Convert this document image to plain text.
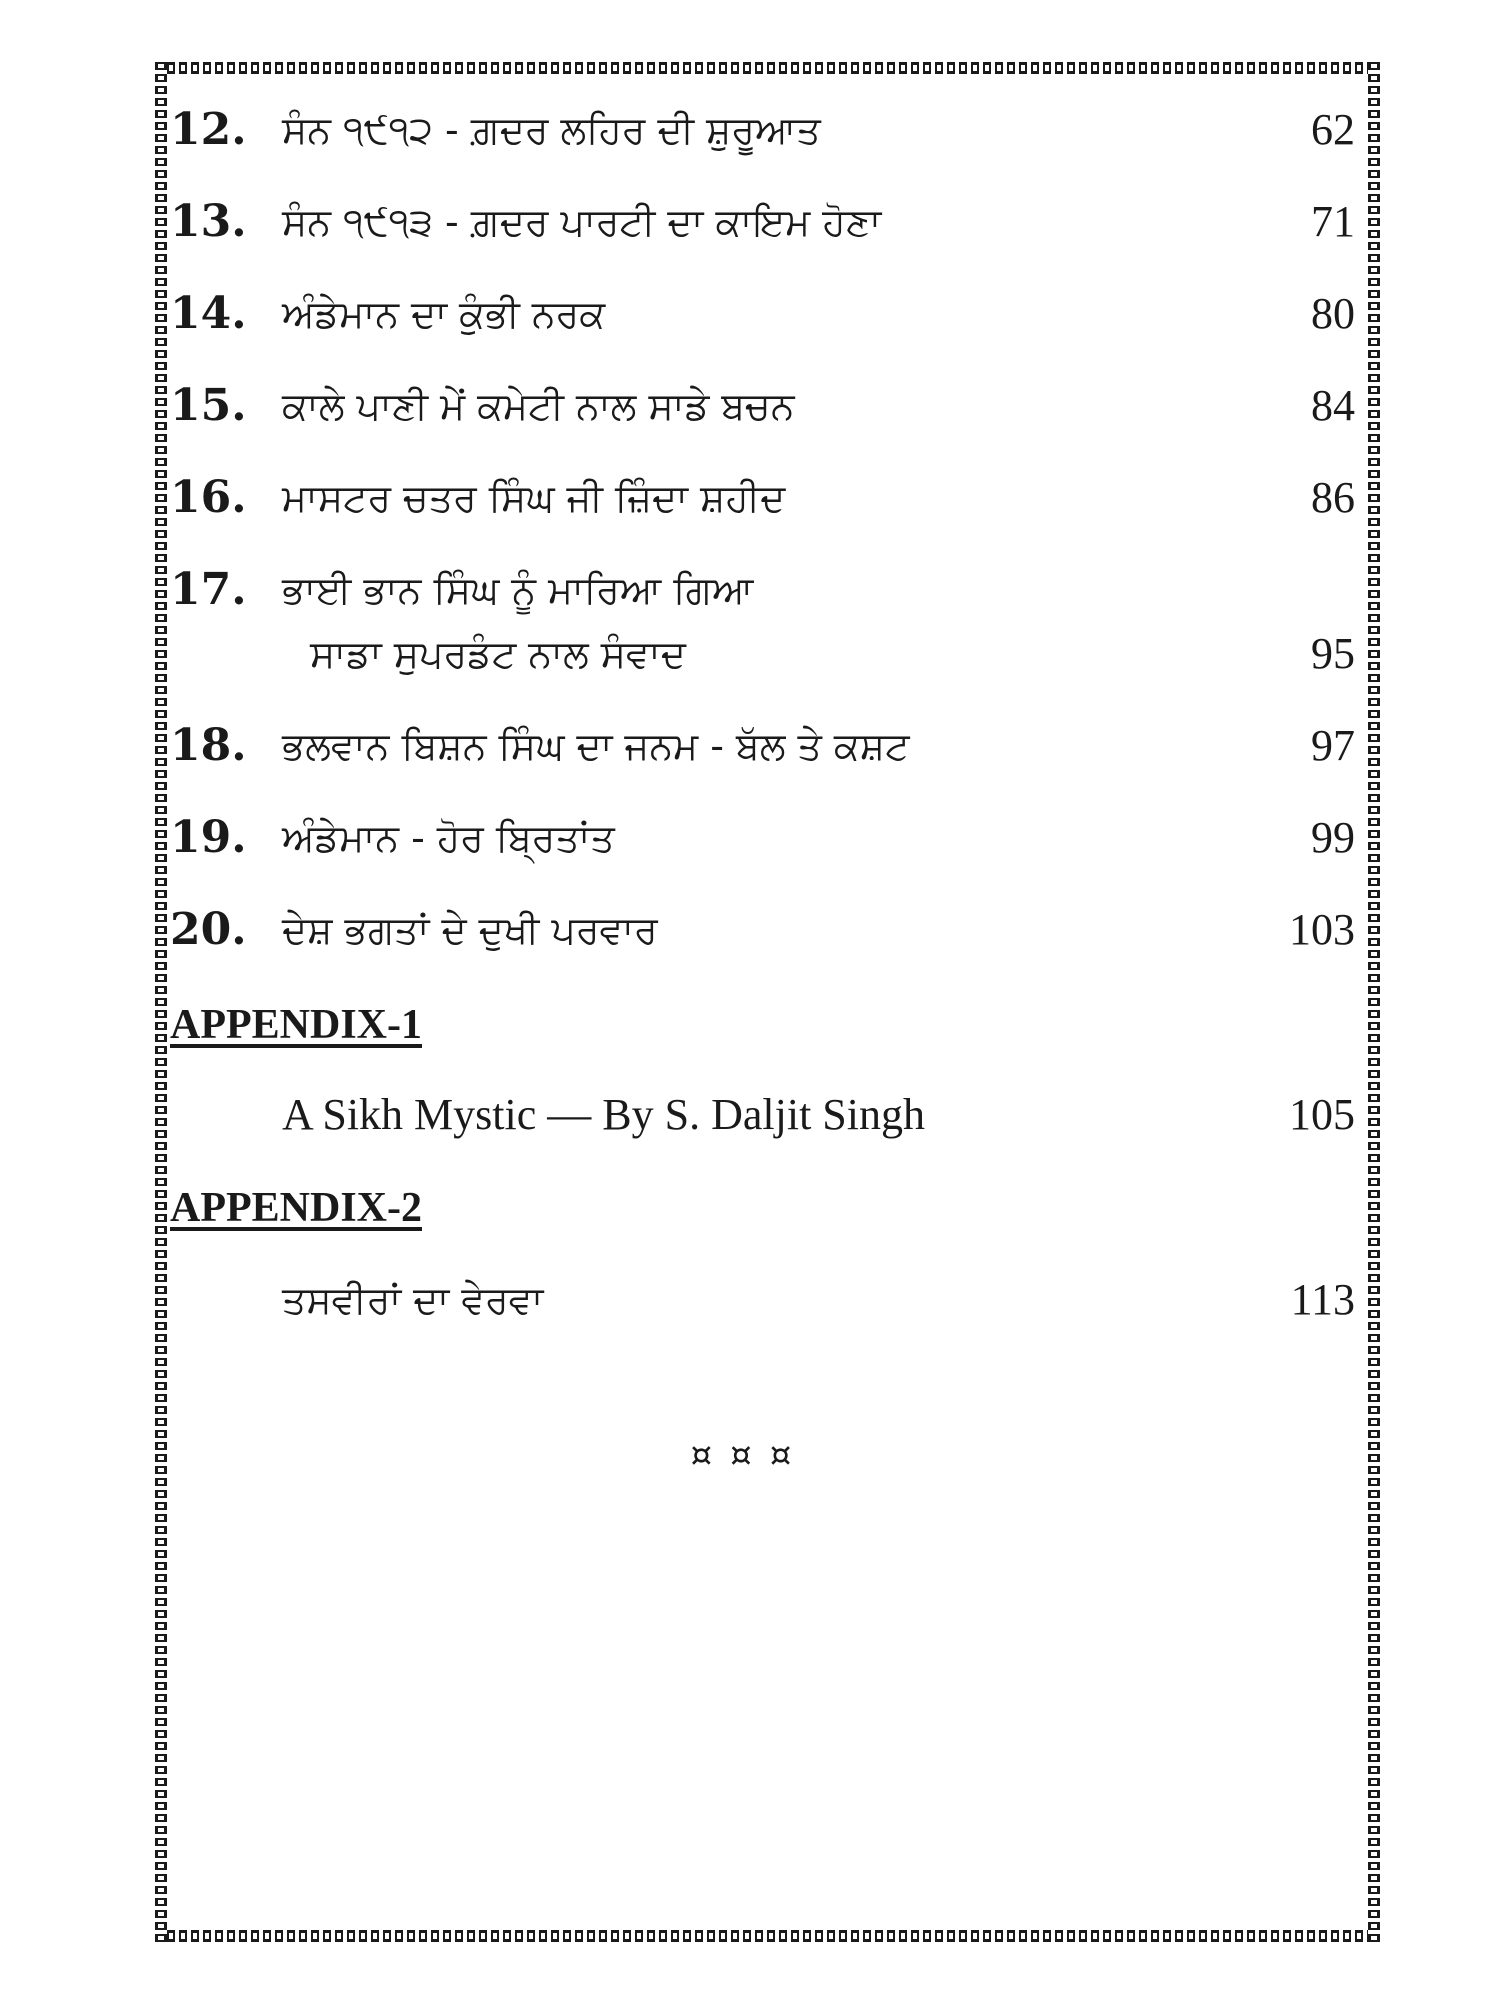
12. ਸੰਨ ੧੯੧੨ - ਗ਼ਦਰ ਲਹਿਰ ਦੀ ਸ਼ੁਰੂਆਤ	62
13. ਸੰਨ ੧੯੧੩ - ਗ਼ਦਰ ਪਾਰਟੀ ਦਾ ਕਾਇਮ ਹੋਣਾ	71
14. ਅੰਡੇਮਾਨ ਦਾ ਕੁੰਭੀ ਨਰਕ	80
15. ਕਾਲੇ ਪਾਣੀ ਮੇਂ ਕਮੇਟੀ ਨਾਲ ਸਾਡੇ ਬਚਨ	84
16. ਮਾਸਟਰ ਚਤਰ ਸਿੰਘ ਜੀ ਜ਼ਿੰਦਾ ਸ਼ਹੀਦ	86
17. ਭਾਈ ਭਾਨ ਸਿੰਘ ਨੂੰ ਮਾਰਿਆ ਗਿਆ
ਸਾਡਾ ਸੁਪਰਡੰਟ ਨਾਲ ਸੰਵਾਦ	95
18. ਭਲਵਾਨ ਬਿਸ਼ਨ ਸਿੰਘ ਦਾ ਜਨਮ - ਬੱਲ ਤੇ ਕਸ਼ਟ	97
19. ਅੰਡੇਮਾਨ - ਹੋਰ ਬ੍ਰਿਤਾਂਤ	99
20. ਦੇਸ਼ ਭਗਤਾਂ ਦੇ ਦੁਖੀ ਪਰਵਾਰ	103
APPENDIX-1
A Sikh Mystic — By S. Daljit Singh	105
APPENDIX-2
ਤਸਵੀਰਾਂ ਦਾ ਵੇਰਵਾ	113
¤¤¤
